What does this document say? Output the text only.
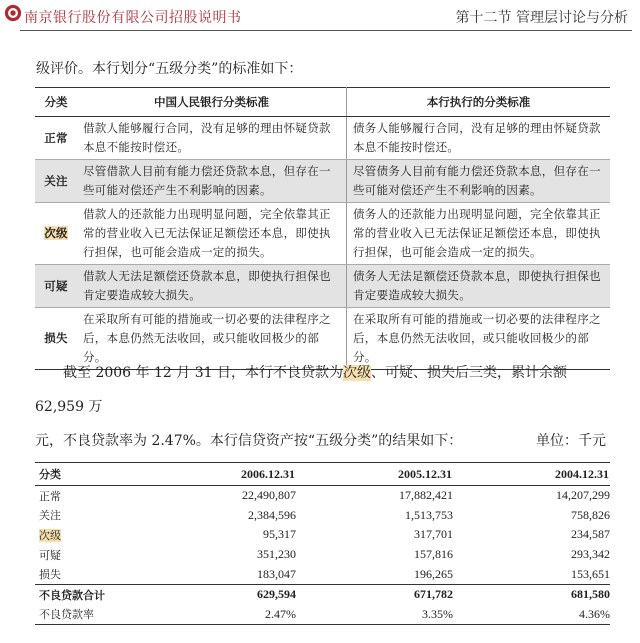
南京银行股份有限公司招股说明书	第十二节 管理层讨论与分析
级评价。本行划分“五级分类”的标准如下：
分类	中国人民银行分类标准	本行执行的分类标准
正常	借款人能够履行合同，没有足够的理由怀疑贷款本息不能按时偿还。	债务人能够履行合同，没有足够的理由怀疑贷款本息不能按时偿还。
关注	尽管借款人目前有能力偿还贷款本息，但存在一些可能对偿还产生不利影响的因素。	尽管债务人目前有能力偿还贷款本息，但存在一些可能对偿还产生不利影响的因素。
次级	借款人的还款能力出现明显问题，完全依靠其正常的营业收入已无法保证足额偿还本息，即使执行担保，也可能会造成一定的损失。	债务人的还款能力出现明显问题，完全依靠其正常的营业收入已无法保证足额偿还本息，即使执行担保，也可能会造成一定的损失。
可疑	借款人无法足额偿还贷款本息，即使执行担保也肯定要造成较大损失。	债务人无法足额偿还贷款本息，即使执行担保也肯定要造成较大损失。
损失	在采取所有可能的措施或一切必要的法律程序之后，本息仍然无法收回，或只能收回极少的部分。	在采取所有可能的措施或一切必要的法律程序之后，本息仍然无法收回，或只能收回极少的部分。
截至 2006 年 12 月 31 日，本行不良贷款为次级、可疑、损失后三类，累计余额 62,959 万
元，不良贷款率为 2.47%。本行信贷资产按“五级分类”的结果如下：	单位：千元
分类	2006.12.31	2005.12.31	2004.12.31
正常	22,490,807	17,882,421	14,207,299
关注	2,384,596	1,513,753	758,826
次级	95,317	317,701	234,587
可疑	351,230	157,816	293,342
损失	183,047	196,265	153,651
不良贷款合计	629,594	671,782	681,580
不良贷款率	2.47%	3.35%	4.36%
